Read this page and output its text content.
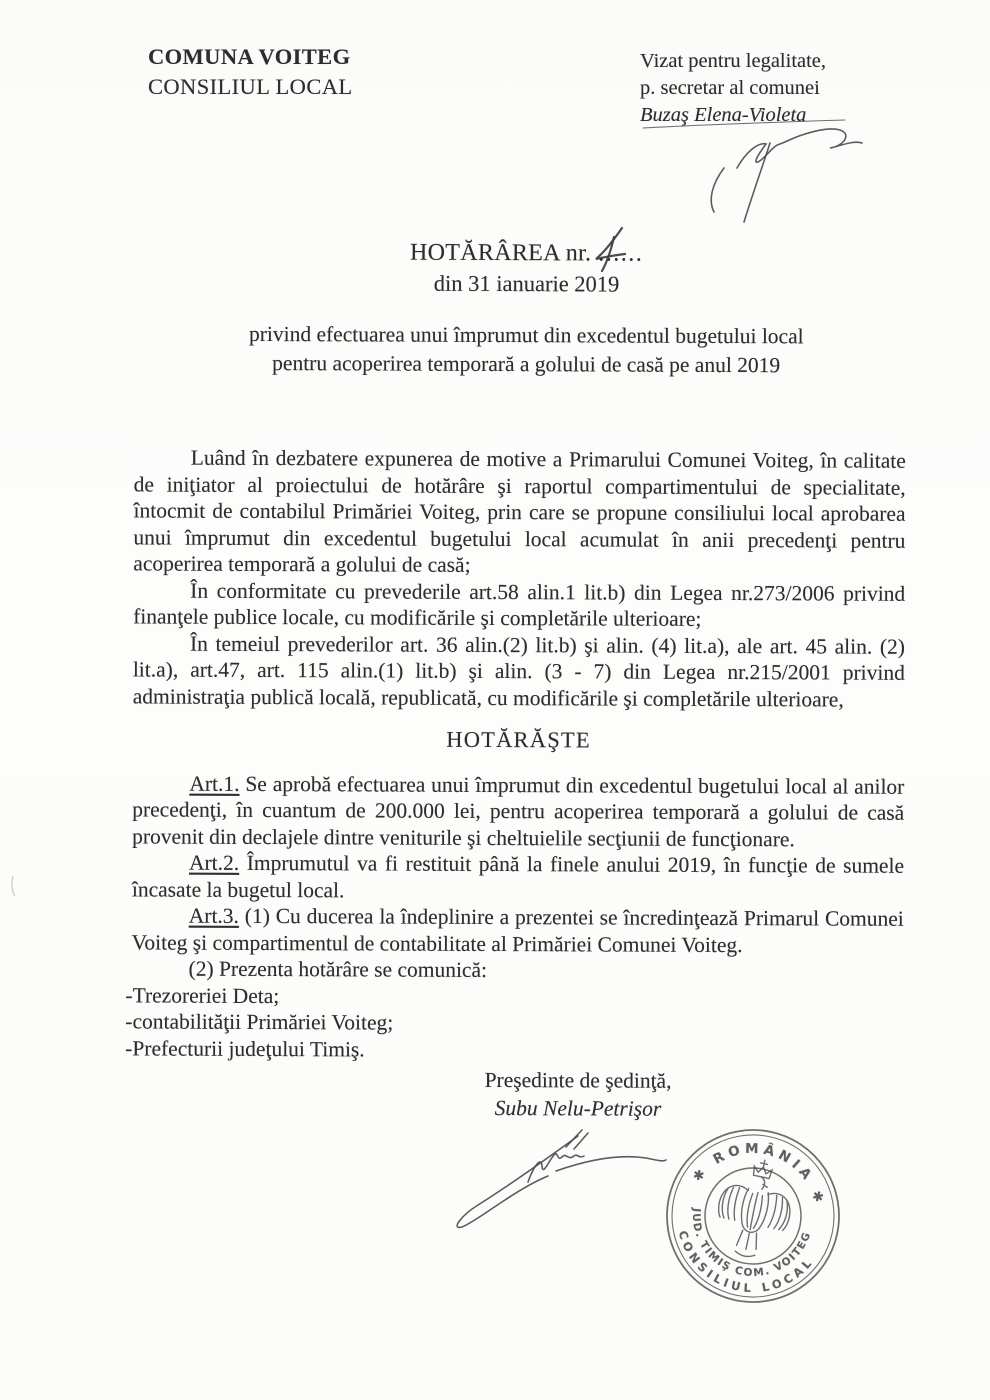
COMUNA VOITEG
CONSILIUL LOCAL
Vizat pentru legalitate,
p. secretar al comunei
Buzaş Elena-Violeta
HOTĂRÂREA nr. ......
din 31 ianuarie 2019
privind efectuarea unui împrumut din excedentul bugetului local
pentru acoperirea temporară a golului de casă pe anul 2019

Luând în dezbatere expunerea de motive a Primarului Comunei Voiteg, în calitate de iniţiator al proiectului de hotărâre şi raportul compartimentului de specialitate, întocmit de contabilul Primăriei Voiteg, prin care se propune consiliului local aprobarea unui împrumut din excedentul bugetului local acumulat în anii precedenţi pentru acoperirea temporară a golului de casă;

În conformitate cu prevederile art.58 alin.1 lit.b) din Legea nr.273/2006 privind finanţele publice locale, cu modificările şi completările ulterioare;

În temeiul prevederilor art. 36 alin.(2) lit.b) şi alin. (4) lit.a), ale art. 45 alin. (2) lit.a), art.47, art. 115 alin.(1) lit.b) şi alin. (3 - 7) din Legea nr.215/2001 privind administraţia publică locală, republicată, cu modificările şi completările ulterioare,

HOTĂRĂŞTE

Art.1. Se aprobă efectuarea unui împrumut din excedentul bugetului local al anilor precedenţi, în cuantum de 200.000 lei, pentru acoperirea temporară a golului de casă provenit din declajele dintre veniturile şi cheltuielile secţiunii de funcţionare.

Art.2. Împrumutul va fi restituit până la finele anului 2019, în funcţie de sumele încasate la bugetul local.

Art.3. (1) Cu ducerea la îndeplinire a prezentei se încredinţează Primarul Comunei Voiteg şi compartimentul de contabilitate al Primăriei Comunei Voiteg.

(2) Prezenta hotărâre se comunică:

-Trezoreriei Deta;

-contabilităţii Primăriei Voiteg;

-Prefecturii judeţului Timiş.

Preşedinte de şedinţă,
Subu Nelu-Petrişor
✱ ROMÂNIA ✱
JUD. TIMIŞ COM. VOITEG
CONSILIUL LOCAL
